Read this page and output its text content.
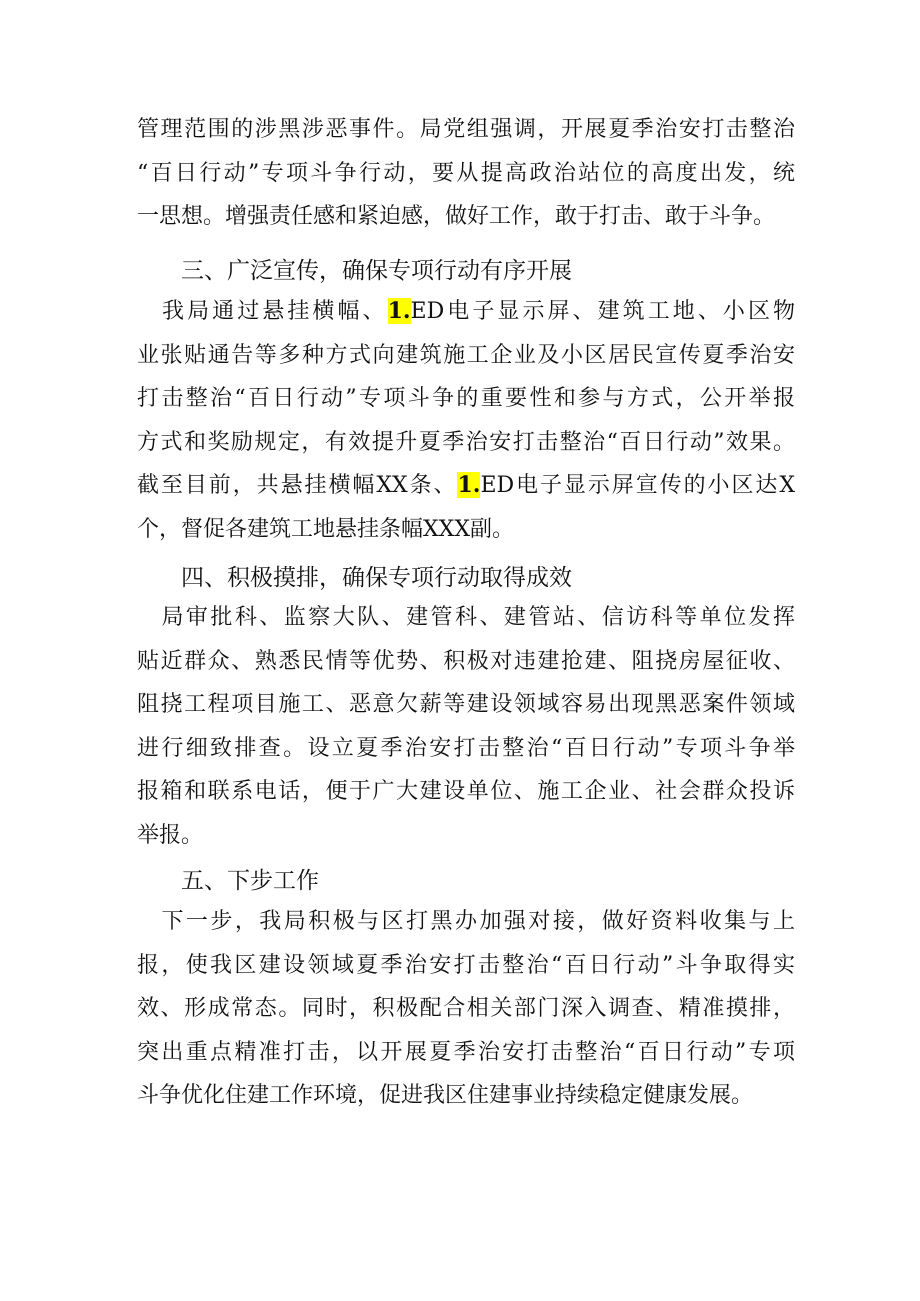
管理范围的涉黑涉恶事件。局党组强调，开展夏季治安打击整治
“百日行动”专项斗争行动，要从提高政治站位的高度出发，统
一思想。增强责任感和紧迫感，做好工作，敢于打击、敢于斗争。
三、广泛宣传，确保专项行动有序开展
　我局通过悬挂横幅、1.ED电子显示屏、建筑工地、小区物
业张贴通告等多种方式向建筑施工企业及小区居民宣传夏季治安
打击整治“百日行动”专项斗争的重要性和参与方式，公开举报
方式和奖励规定，有效提升夏季治安打击整治“百日行动”效果。
截至目前，共悬挂横幅XX条、1.ED电子显示屏宣传的小区达X
个，督促各建筑工地悬挂条幅XXX副。
四、积极摸排，确保专项行动取得成效
　局审批科、监察大队、建管科、建管站、信访科等单位发挥
贴近群众、熟悉民情等优势、积极对违建抢建、阻挠房屋征收、
阻挠工程项目施工、恶意欠薪等建设领域容易出现黑恶案件领域
进行细致排查。设立夏季治安打击整治“百日行动”专项斗争举
报箱和联系电话，便于广大建设单位、施工企业、社会群众投诉
举报。
五、下步工作
　下一步，我局积极与区打黑办加强对接，做好资料收集与上
报，使我区建设领域夏季治安打击整治“百日行动”斗争取得实
效、形成常态。同时，积极配合相关部门深入调查、精准摸排，
突出重点精准打击，以开展夏季治安打击整治“百日行动”专项
斗争优化住建工作环境，促进我区住建事业持续稳定健康发展。
